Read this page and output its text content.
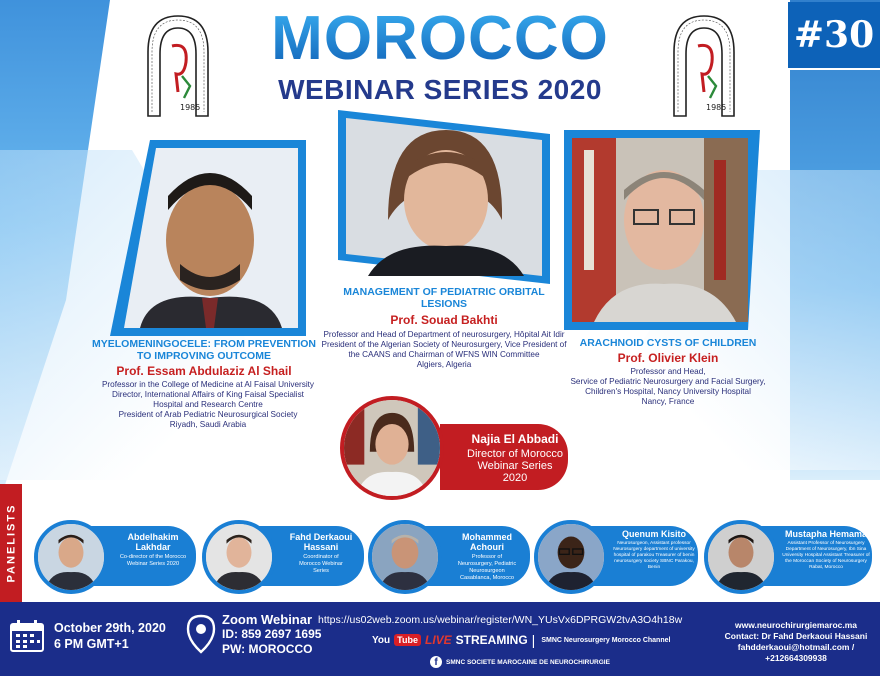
1985	1985
#30
MOROCCO
WEBINAR SERIES 2020
MYELOMENINGOCELE: FROM PREVENTION TO IMPROVING OUTCOME
Prof. Essam Abdulaziz Al Shail
Professor in the College of Medicine at Al Faisal University
Director, International Affairs of King Faisal Specialist
Hospital and Research Centre
President of Arab Pediatric Neurosurgical Society
Riyadh, Saudi Arabia
MANAGEMENT OF PEDIATRIC ORBITAL LESIONS
Prof. Souad Bakhti
Professor and Head of Department of neurosurgery, Hôpital Ait Idir
President of the Algerian Society of Neurosurgery, Vice President of
the CAANS and Chairman of WFNS WIN Committee
Algiers, Algeria
ARACHNOID CYSTS OF CHILDREN
Prof. Olivier Klein
Professor and Head,
Service of Pediatric Neurosurgery and Facial Surgery,
Children's Hospital, Nancy University Hospital
Nancy, France
Najia El Abbadi
Director of Morocco Webinar Series 2020
PANELISTS	Abdelhakim Lakhdar
Co-director of the Morocco Webinar Series 2020
Fahd Derkaoui Hassani
Coordinator of Morocco Webinar Series
Mohammed Achouri
Professor of Neurosurgery, Pediatric Neurosurgeon Casablanca, Morocco
Quenum Kisito
Neurosurgeon, Assistant professor Neurosurgery department of university hospital of parakou Treasurer of benin neurosurgery society SBNC Parakou, Benin
Mustapha Hemama
Assistant Professor of Neurosurgery Department of Neurosurgery, Ibn Sina University Hospital Assistant Treasurer of the Moroccan Society of Neurosurgery Rabat, Morocco
October 29th, 2020
6 PM GMT+1
Zoom Webinar
ID: 859 2697 1695
PW: MOROCCO
https://us02web.zoom.us/webinar/register/WN_YUsVx6DPRGW2tvA3O4h18w
You Tube LIVE STREAMING | SMNC Neurosurgery Morocco Channel
f	SMNC SOCIETE MAROCAINE DE NEUROCHIRURGIE
www.neurochirurgiemaroc.ma
Contact: Dr Fahd Derkaoui Hassani
fahdderkaoui@hotmail.com / +212664309938
